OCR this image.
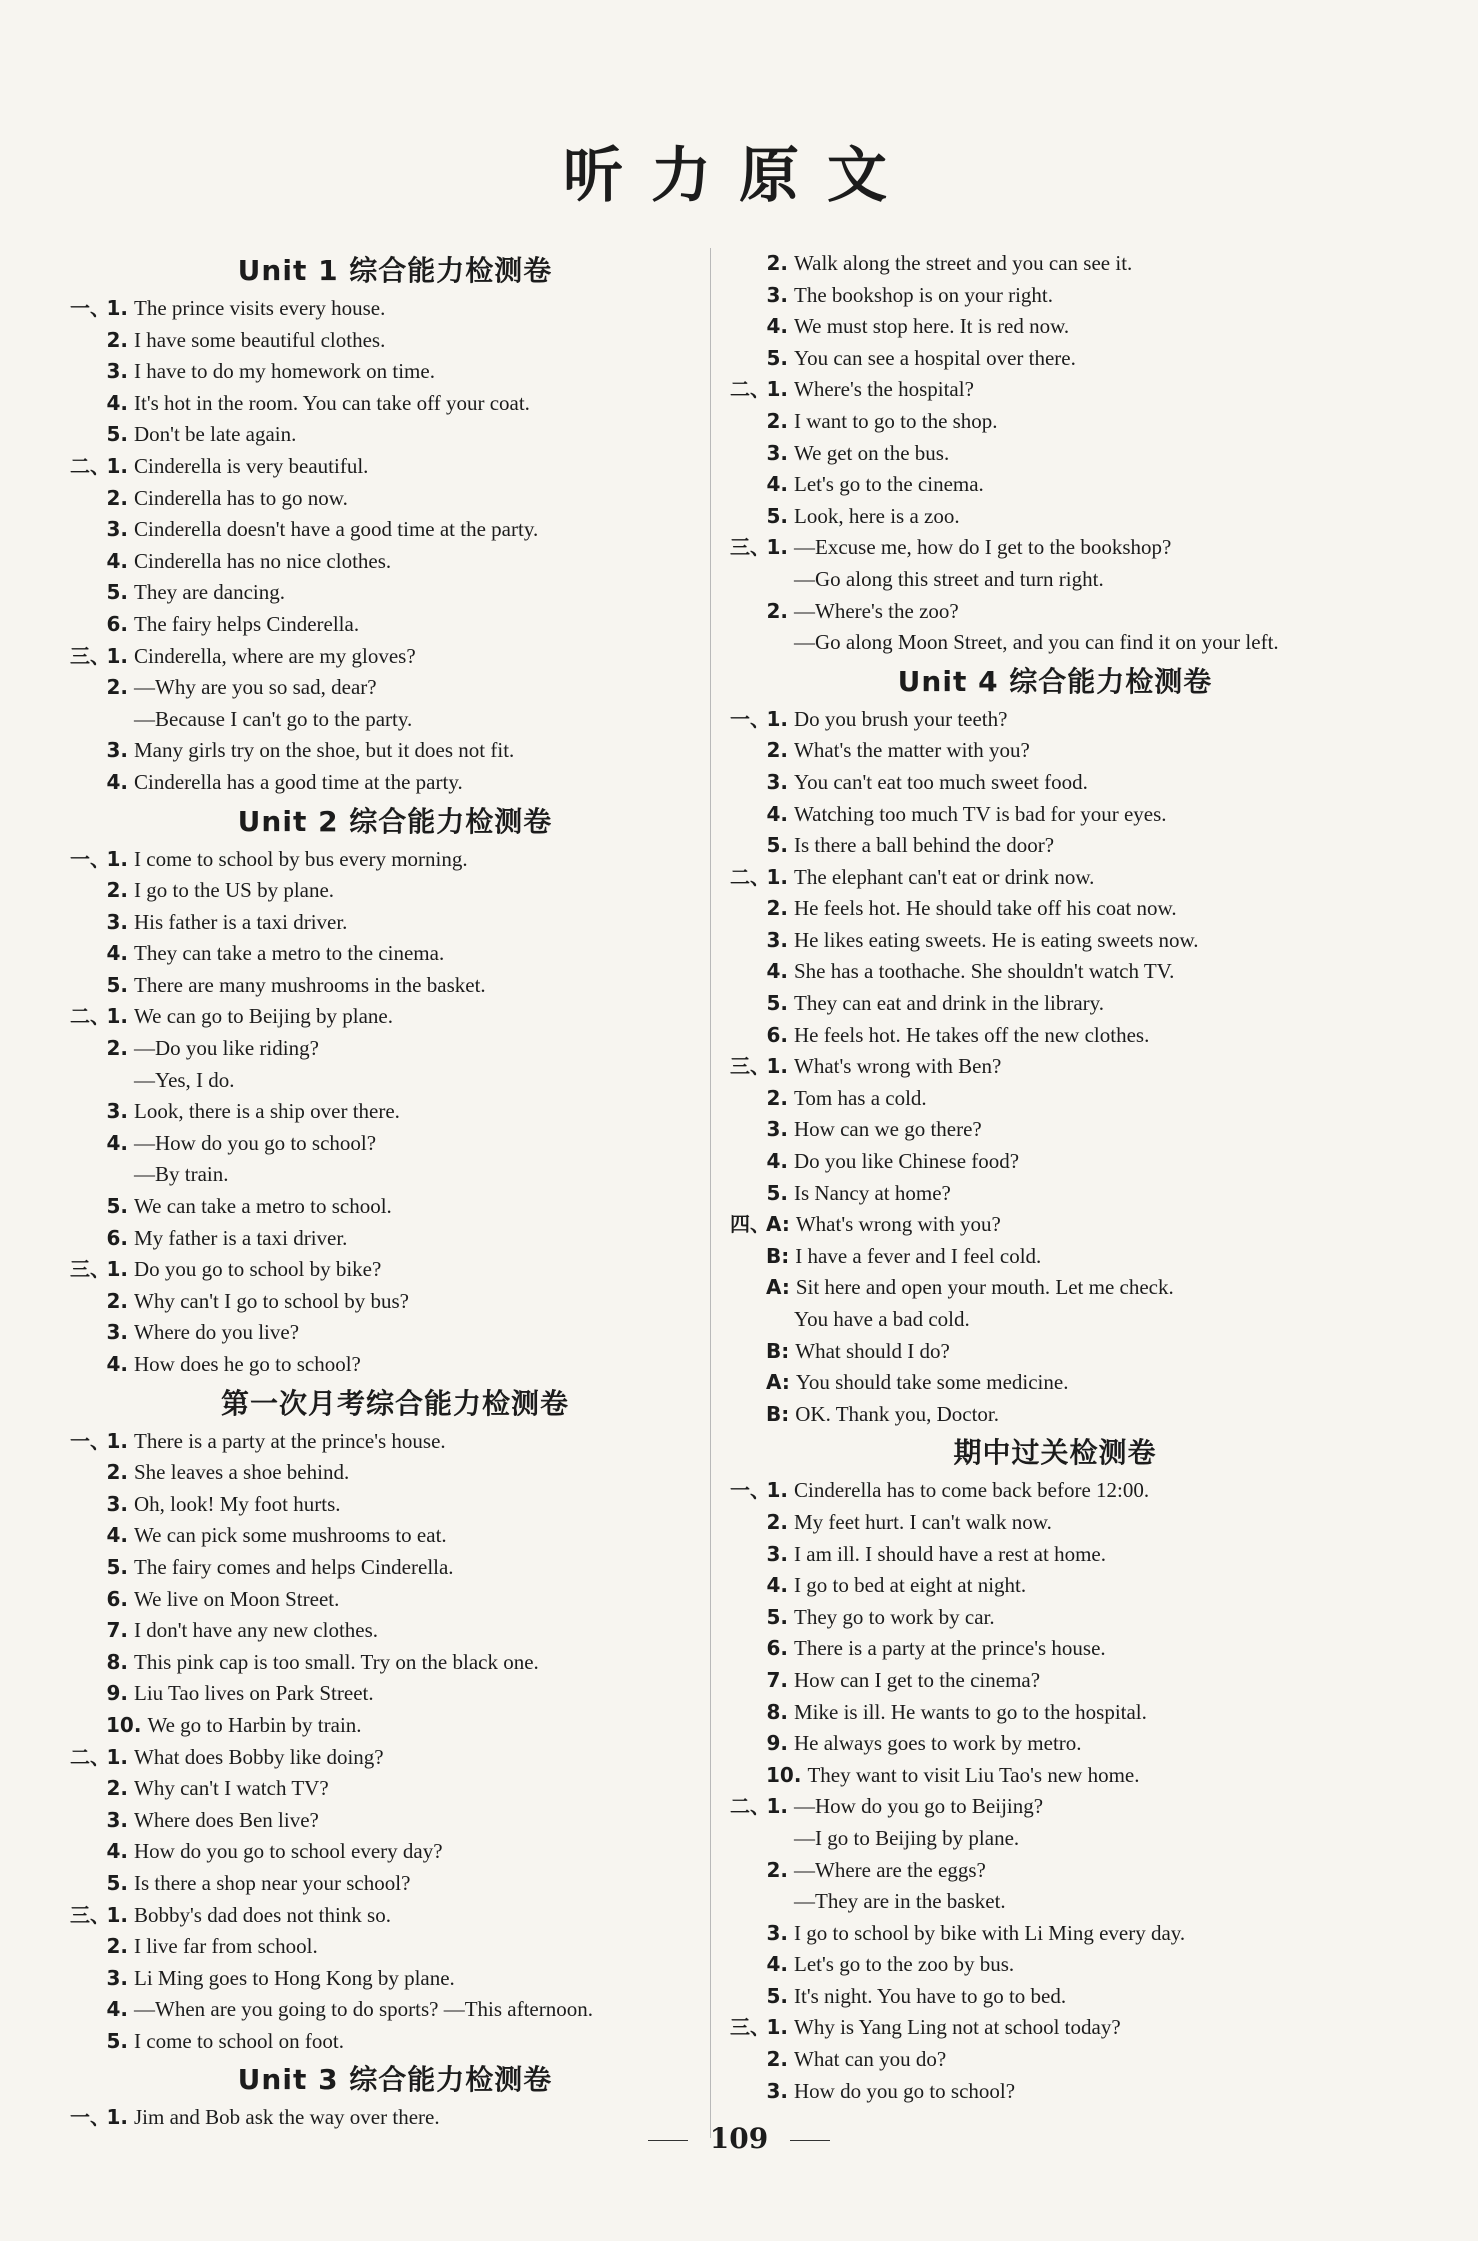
听力原文
Unit 1 综合能力检测卷
一、
1. The prince visits every house.
2. I have some beautiful clothes.
3. I have to do my homework on time.
4. It's hot in the room. You can take off your coat.
5. Don't be late again.
二、
1. Cinderella is very beautiful.
2. Cinderella has to go now.
3. Cinderella doesn't have a good time at the party.
4. Cinderella has no nice clothes.
5. They are dancing.
6. The fairy helps Cinderella.
三、
1. Cinderella, where are my gloves?
2. —Why are you so sad, dear?
—Because I can't go to the party.
3. Many girls try on the shoe, but it does not fit.
4. Cinderella has a good time at the party.
Unit 2 综合能力检测卷
一、
1. I come to school by bus every morning.
2. I go to the US by plane.
3. His father is a taxi driver.
4. They can take a metro to the cinema.
5. There are many mushrooms in the basket.
二、
1. We can go to Beijing by plane.
2. —Do you like riding?
—Yes, I do.
3. Look, there is a ship over there.
4. —How do you go to school?
—By train.
5. We can take a metro to school.
6. My father is a taxi driver.
三、
1. Do you go to school by bike?
2. Why can't I go to school by bus?
3. Where do you live?
4. How does he go to school?
第一次月考综合能力检测卷
一、
1. There is a party at the prince's house.
2. She leaves a shoe behind.
3. Oh, look! My foot hurts.
4. We can pick some mushrooms to eat.
5. The fairy comes and helps Cinderella.
6. We live on Moon Street.
7. I don't have any new clothes.
8. This pink cap is too small. Try on the black one.
9. Liu Tao lives on Park Street.
10. We go to Harbin by train.
二、
1. What does Bobby like doing?
2. Why can't I watch TV?
3. Where does Ben live?
4. How do you go to school every day?
5. Is there a shop near your school?
三、
1. Bobby's dad does not think so.
2. I live far from school.
3. Li Ming goes to Hong Kong by plane.
4. —When are you going to do sports? —This afternoon.
5. I come to school on foot.
Unit 3 综合能力检测卷
一、
1. Jim and Bob ask the way over there.
2. Walk along the street and you can see it.
3. The bookshop is on your right.
4. We must stop here. It is red now.
5. You can see a hospital over there.
二、
1. Where's the hospital?
2. I want to go to the shop.
3. We get on the bus.
4. Let's go to the cinema.
5. Look, here is a zoo.
三、
1. —Excuse me, how do I get to the bookshop?
—Go along this street and turn right.
2. —Where's the zoo?
—Go along Moon Street, and you can find it on your left.
Unit 4 综合能力检测卷
一、
1. Do you brush your teeth?
2. What's the matter with you?
3. You can't eat too much sweet food.
4. Watching too much TV is bad for your eyes.
5. Is there a ball behind the door?
二、
1. The elephant can't eat or drink now.
2. He feels hot. He should take off his coat now.
3. He likes eating sweets. He is eating sweets now.
4. She has a toothache. She shouldn't watch TV.
5. They can eat and drink in the library.
6. He feels hot. He takes off the new clothes.
三、
1. What's wrong with Ben?
2. Tom has a cold.
3. How can we go there?
4. Do you like Chinese food?
5. Is Nancy at home?
四、
A: What's wrong with you?
B: I have a fever and I feel cold.
A: Sit here and open your mouth. Let me check.
You have a bad cold.
B: What should I do?
A: You should take some medicine.
B: OK. Thank you, Doctor.
期中过关检测卷
一、
1. Cinderella has to come back before 12:00.
2. My feet hurt. I can't walk now.
3. I am ill. I should have a rest at home.
4. I go to bed at eight at night.
5. They go to work by car.
6. There is a party at the prince's house.
7. How can I get to the cinema?
8. Mike is ill. He wants to go to the hospital.
9. He always goes to work by metro.
10. They want to visit Liu Tao's new home.
二、
1. —How do you go to Beijing?
—I go to Beijing by plane.
2. —Where are the eggs?
—They are in the basket.
3. I go to school by bike with Li Ming every day.
4. Let's go to the zoo by bus.
5. It's night. You have to go to bed.
三、
1. Why is Yang Ling not at school today?
2. What can you do?
3. How do you go to school?
109
